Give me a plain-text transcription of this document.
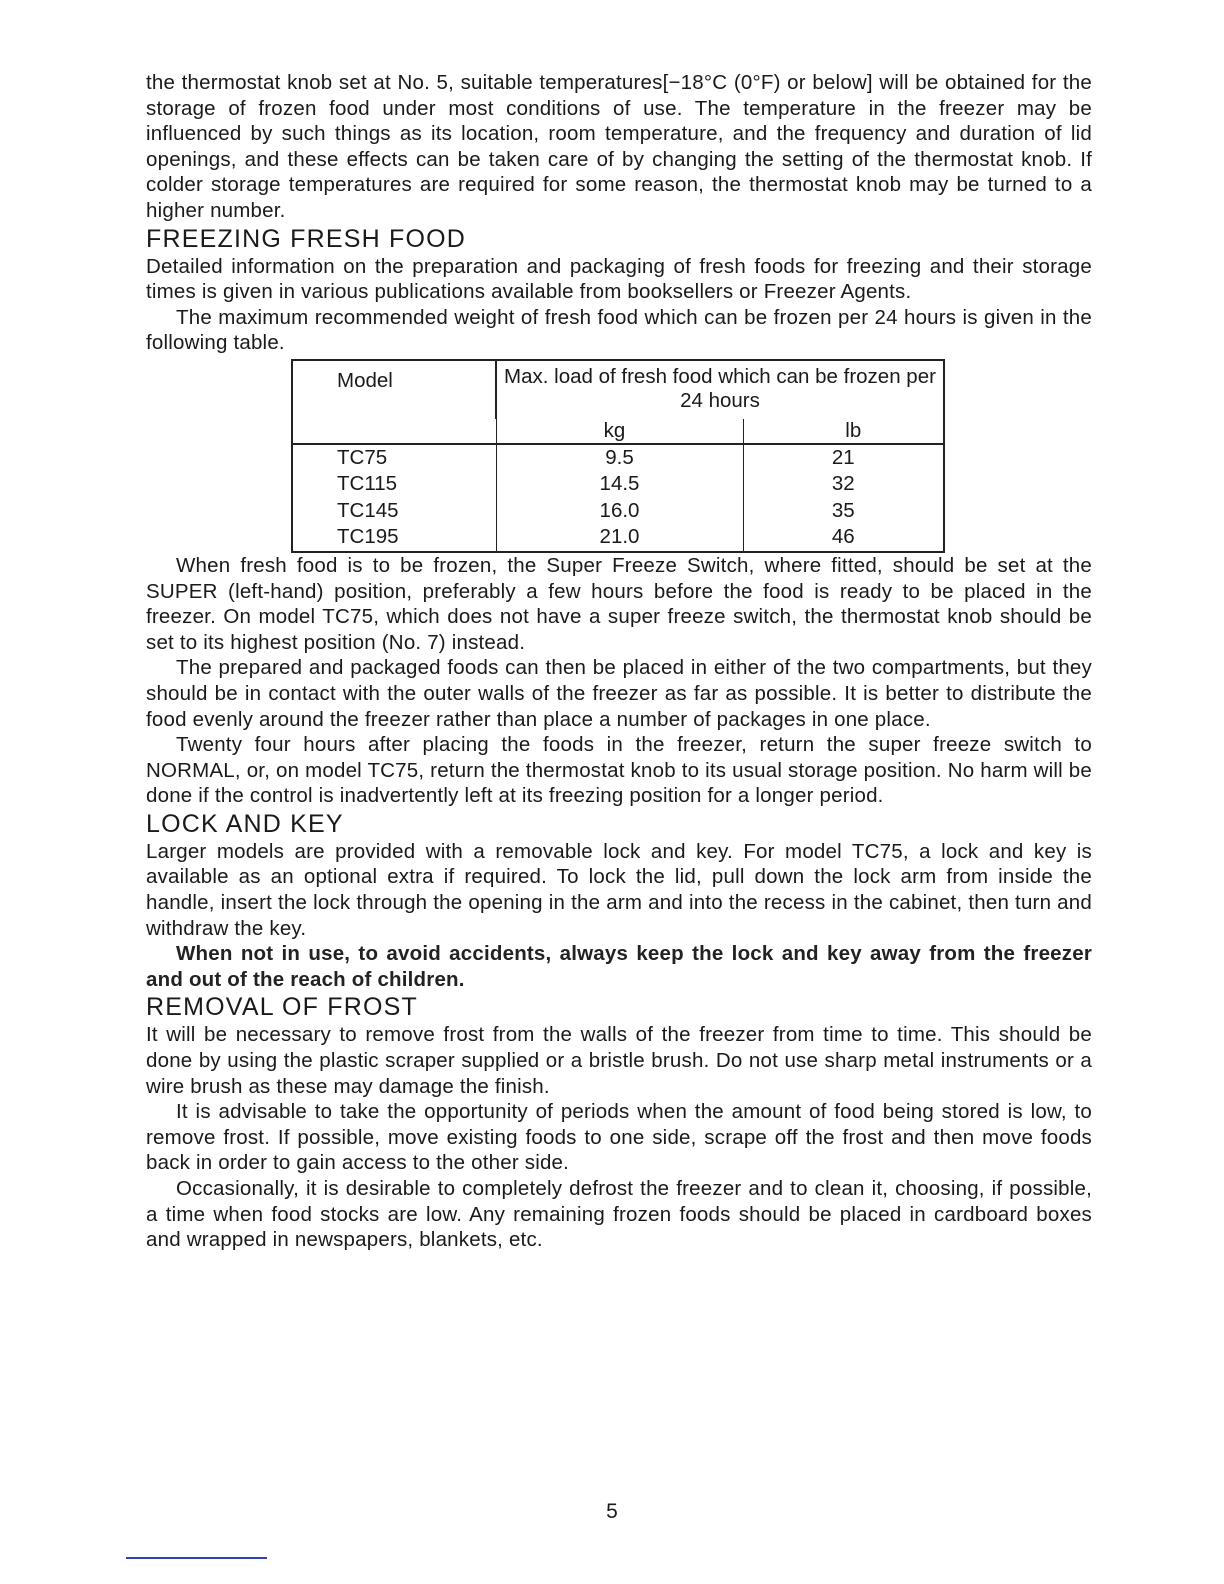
the thermostat knob set at No. 5, suitable temperatures[−18°C (0°F) or below] will be obtained for the storage of frozen food under most conditions of use. The temperature in the freezer may be influenced by such things as its location, room temperature, and the frequency and duration of lid openings, and these effects can be taken care of by changing the setting of the thermostat knob. If colder storage temperatures are required for some reason, the thermostat knob may be turned to a higher number.

FREEZING FRESH FOOD

Detailed information on the preparation and packaging of fresh foods for freezing and their storage times is given in various publications available from booksellers or Freezer Agents.

The maximum recommended weight of fresh food which can be frozen per 24 hours is given in the following table.

Model	Max. load of fresh food which can be frozen per 24 hours	
	kg	lb
TC75	9.5	21
TC115	14.5	32
TC145	16.0	35
TC195	21.0	46

When fresh food is to be frozen, the Super Freeze Switch, where fitted, should be set at the SUPER (left-hand) position, preferably a few hours before the food is ready to be placed in the freezer. On model TC75, which does not have a super freeze switch, the thermostat knob should be set to its highest position (No. 7) instead.

The prepared and packaged foods can then be placed in either of the two compartments, but they should be in contact with the outer walls of the freezer as far as possible. It is better to distribute the food evenly around the freezer rather than place a number of packages in one place.

Twenty four hours after placing the foods in the freezer, return the super freeze switch to NORMAL, or, on model TC75, return the thermostat knob to its usual storage position. No harm will be done if the control is inadvertently left at its freezing position for a longer period.

LOCK AND KEY

Larger models are provided with a removable lock and key. For model TC75, a lock and key is available as an optional extra if required. To lock the lid, pull down the lock arm from inside the handle, insert the lock through the opening in the arm and into the recess in the cabinet, then turn and withdraw the key.

When not in use, to avoid accidents, always keep the lock and key away from the freezer and out of the reach of children.

REMOVAL OF FROST

It will be necessary to remove frost from the walls of the freezer from time to time. This should be done by using the plastic scraper supplied or a bristle brush. Do not use sharp metal instruments or a wire brush as these may damage the finish.

It is advisable to take the opportunity of periods when the amount of food being stored is low, to remove frost. If possible, move existing foods to one side, scrape off the frost and then move foods back in order to gain access to the other side.

Occasionally, it is desirable to completely defrost the freezer and to clean it, choosing, if possible, a time when food stocks are low. Any remaining frozen foods should be placed in cardboard boxes and wrapped in newspapers, blankets, etc.

5
